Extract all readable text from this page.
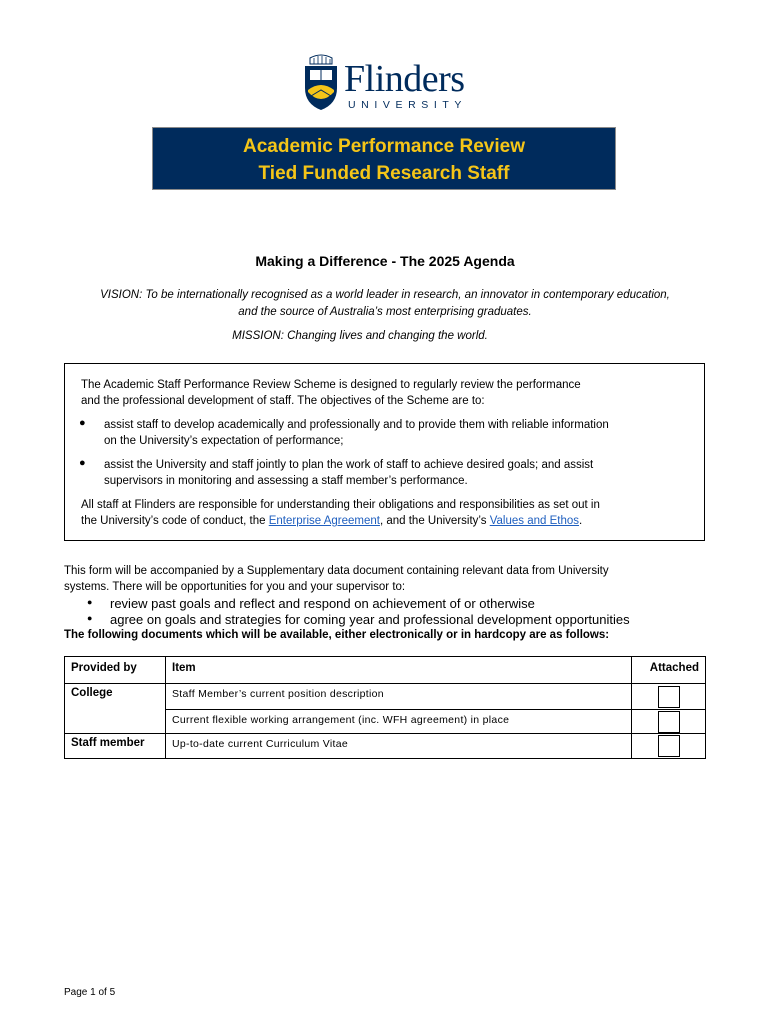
Flinders
UNIVERSITY
Academic Performance Review
Tied Funded Research Staff
Making a Difference - The 2025 Agenda
VISION: To be internationally recognised as a world leader in research, an innovator in contemporary education, and the source of Australia’s most enterprising graduates.
MISSION: Changing lives and changing the world.
The Academic Staff Performance Review Scheme is designed to regularly review the performance
and the professional development of staff. The objectives of the Scheme are to:
● assist staff to develop academically and professionally and to provide them with reliable information
on the University’s expectation of performance;
● assist the University and staff jointly to plan the work of staff to achieve desired goals; and assist
supervisors in monitoring and assessing a staff member’s performance.
All staff at Flinders are responsible for understanding their obligations and responsibilities as set out in
the University’s code of conduct, the Enterprise Agreement, and the University’s Values and Ethos.
This form will be accompanied by a Supplementary data document containing relevant data from University
systems. There will be opportunities for you and your supervisor to:
● review past goals and reflect and respond on achievement of or otherwise
● agree on goals and strategies for coming year and professional development opportunities
The following documents which will be available, either electronically or in hardcopy are as follows:
Provided by	Item	Attached
College	Staff Member’s current position description	

	Current flexible working arrangement (inc. WFH agreement) in place	

Staff member	Up-to-date current Curriculum Vitae	
Page 1 of 5
